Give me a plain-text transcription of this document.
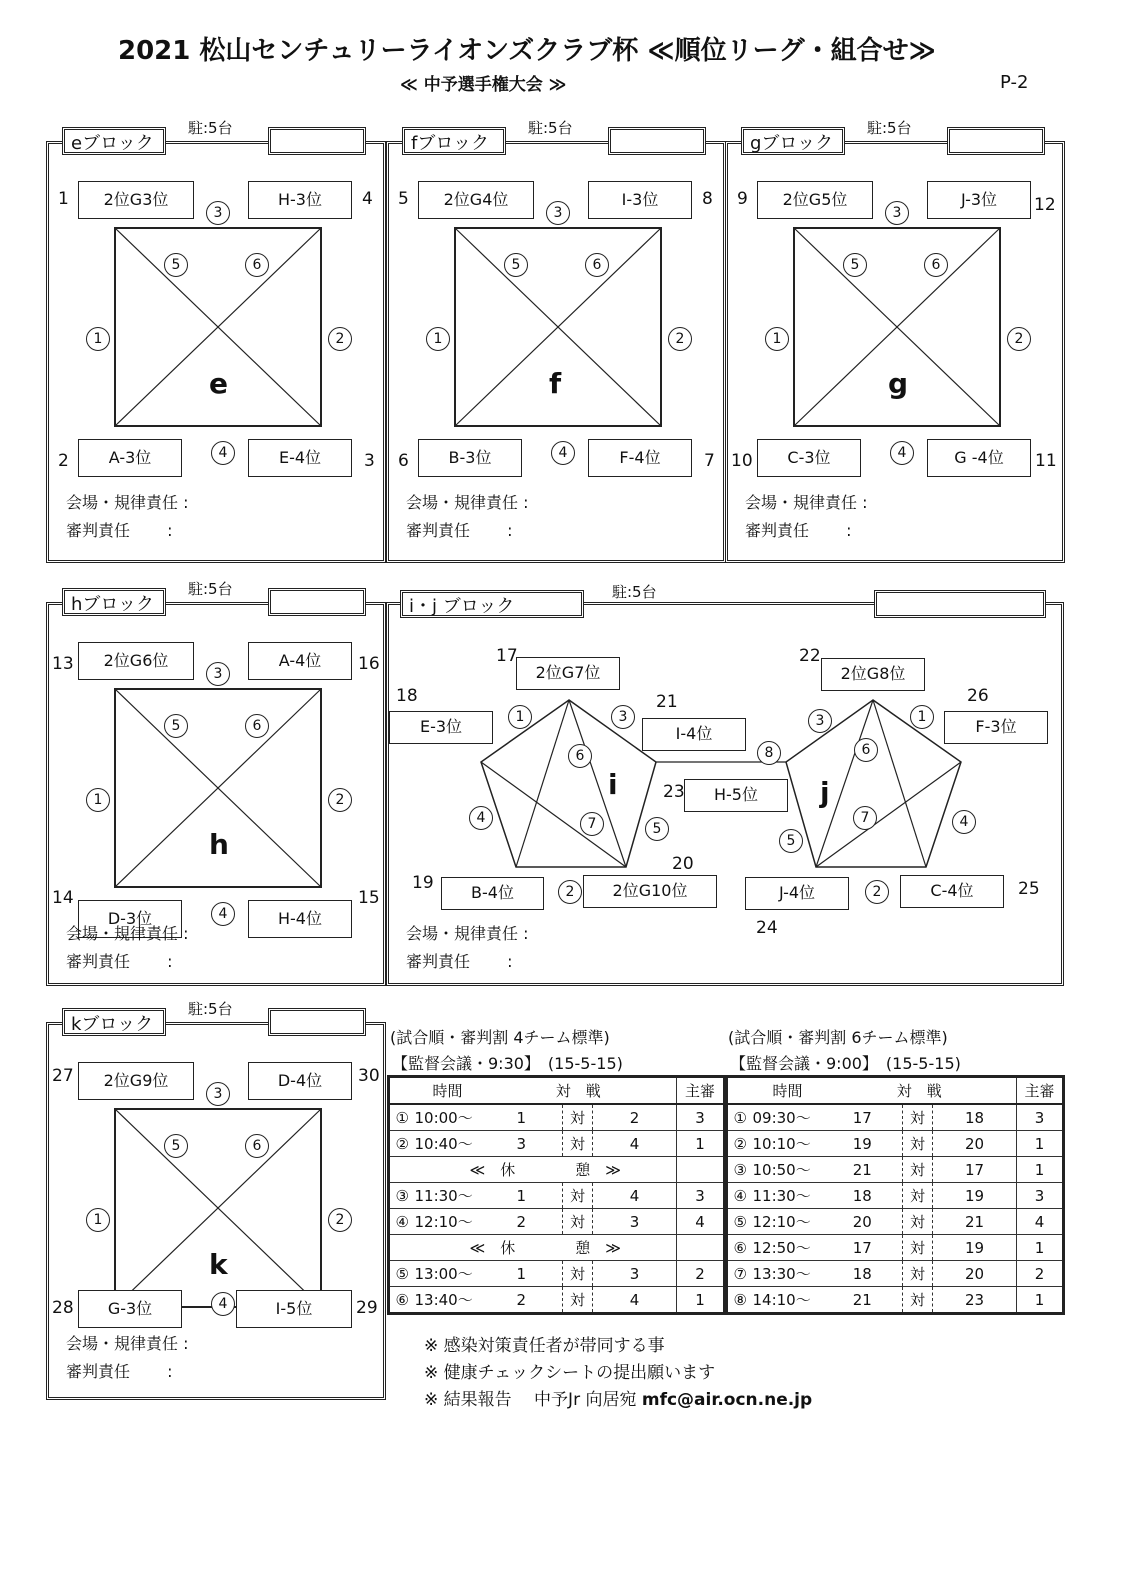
2021 松山センチュリーライオンズクラブ杯 ≪順位リーグ・組合せ≫
≪ 中予選手権大会 ≫	P-2
eブロック
駐:5台
2位G3位	H-3位
A-3位	E-4位
1	4
2	3
1	2
3
4
5	6
e
会場・規律責任 :
審判責任　　 :
fブロック
駐:5台
2位G4位	I-3位
B-3位	F-4位
5	8
6	7
1	2
3
4
5	6
f
会場・規律責任 :
審判責任　　 :
gブロック
駐:5台
2位G5位	J-3位
C-3位	G -4位
9	12
10	11
1	2
3
4
5	6
g
会場・規律責任 :
審判責任　　 :
hブロック
駐:5台
2位G6位	A-4位
D-3位	H-4位
13	16
14	15
1	2
3
4
5	6
h
会場・規律責任 :
審判責任　　 :
kブロック
駐:5台
2位G9位	D-4位
G-3位	I-5位
27	30
28	29
1	2
3
4
5	6
k
会場・規律責任 :
審判責任　　 :
i・j ブロック
駐:5台
2位G7位
E-3位
B-4位	2位G10位
I-4位
2位G8位
H-5位
J-4位	C-4位
F-3位
17
18
19
20
21
22
23
24
25
26
1	3
6
4	7	5
2
8
3	1
6
7	4
5
2
i	j
会場・規律責任 :
審判責任　　 :
(試合順・審判割 4チーム標準)
【監督会議・9:30】　(15-5-15)
(試合順・審判割 6チーム標準)
【監督会議・9:00】　(15-5-15)
	時間	対　戦			主審
①	10:00～	1	対	2	3
②	10:40～	3	対	4	1
	≪　休　　　　憩　≫				
③	11:30～	1	対	4	3
④	12:10～	2	対	3	4
	≪　休　　　　憩　≫				
⑤	13:00～	1	対	3	2
⑥	13:40～	2	対	4	1
	時間	対　戦			主審
①	09:30～	17	対	18	3
②	10:10～	19	対	20	1
③	10:50～	21	対	17	1
④	11:30～	18	対	19	3
⑤	12:10～	20	対	21	4
⑥	12:50～	17	対	19	1
⑦	13:30～	18	対	20	2
⑧	14:10～	21	対	23	1
※ 感染対策責任者が帯同する事
※ 健康チェックシートの提出願います
※ 結果報告　 中予Jr 向居宛 mfc@air.ocn.ne.jp
